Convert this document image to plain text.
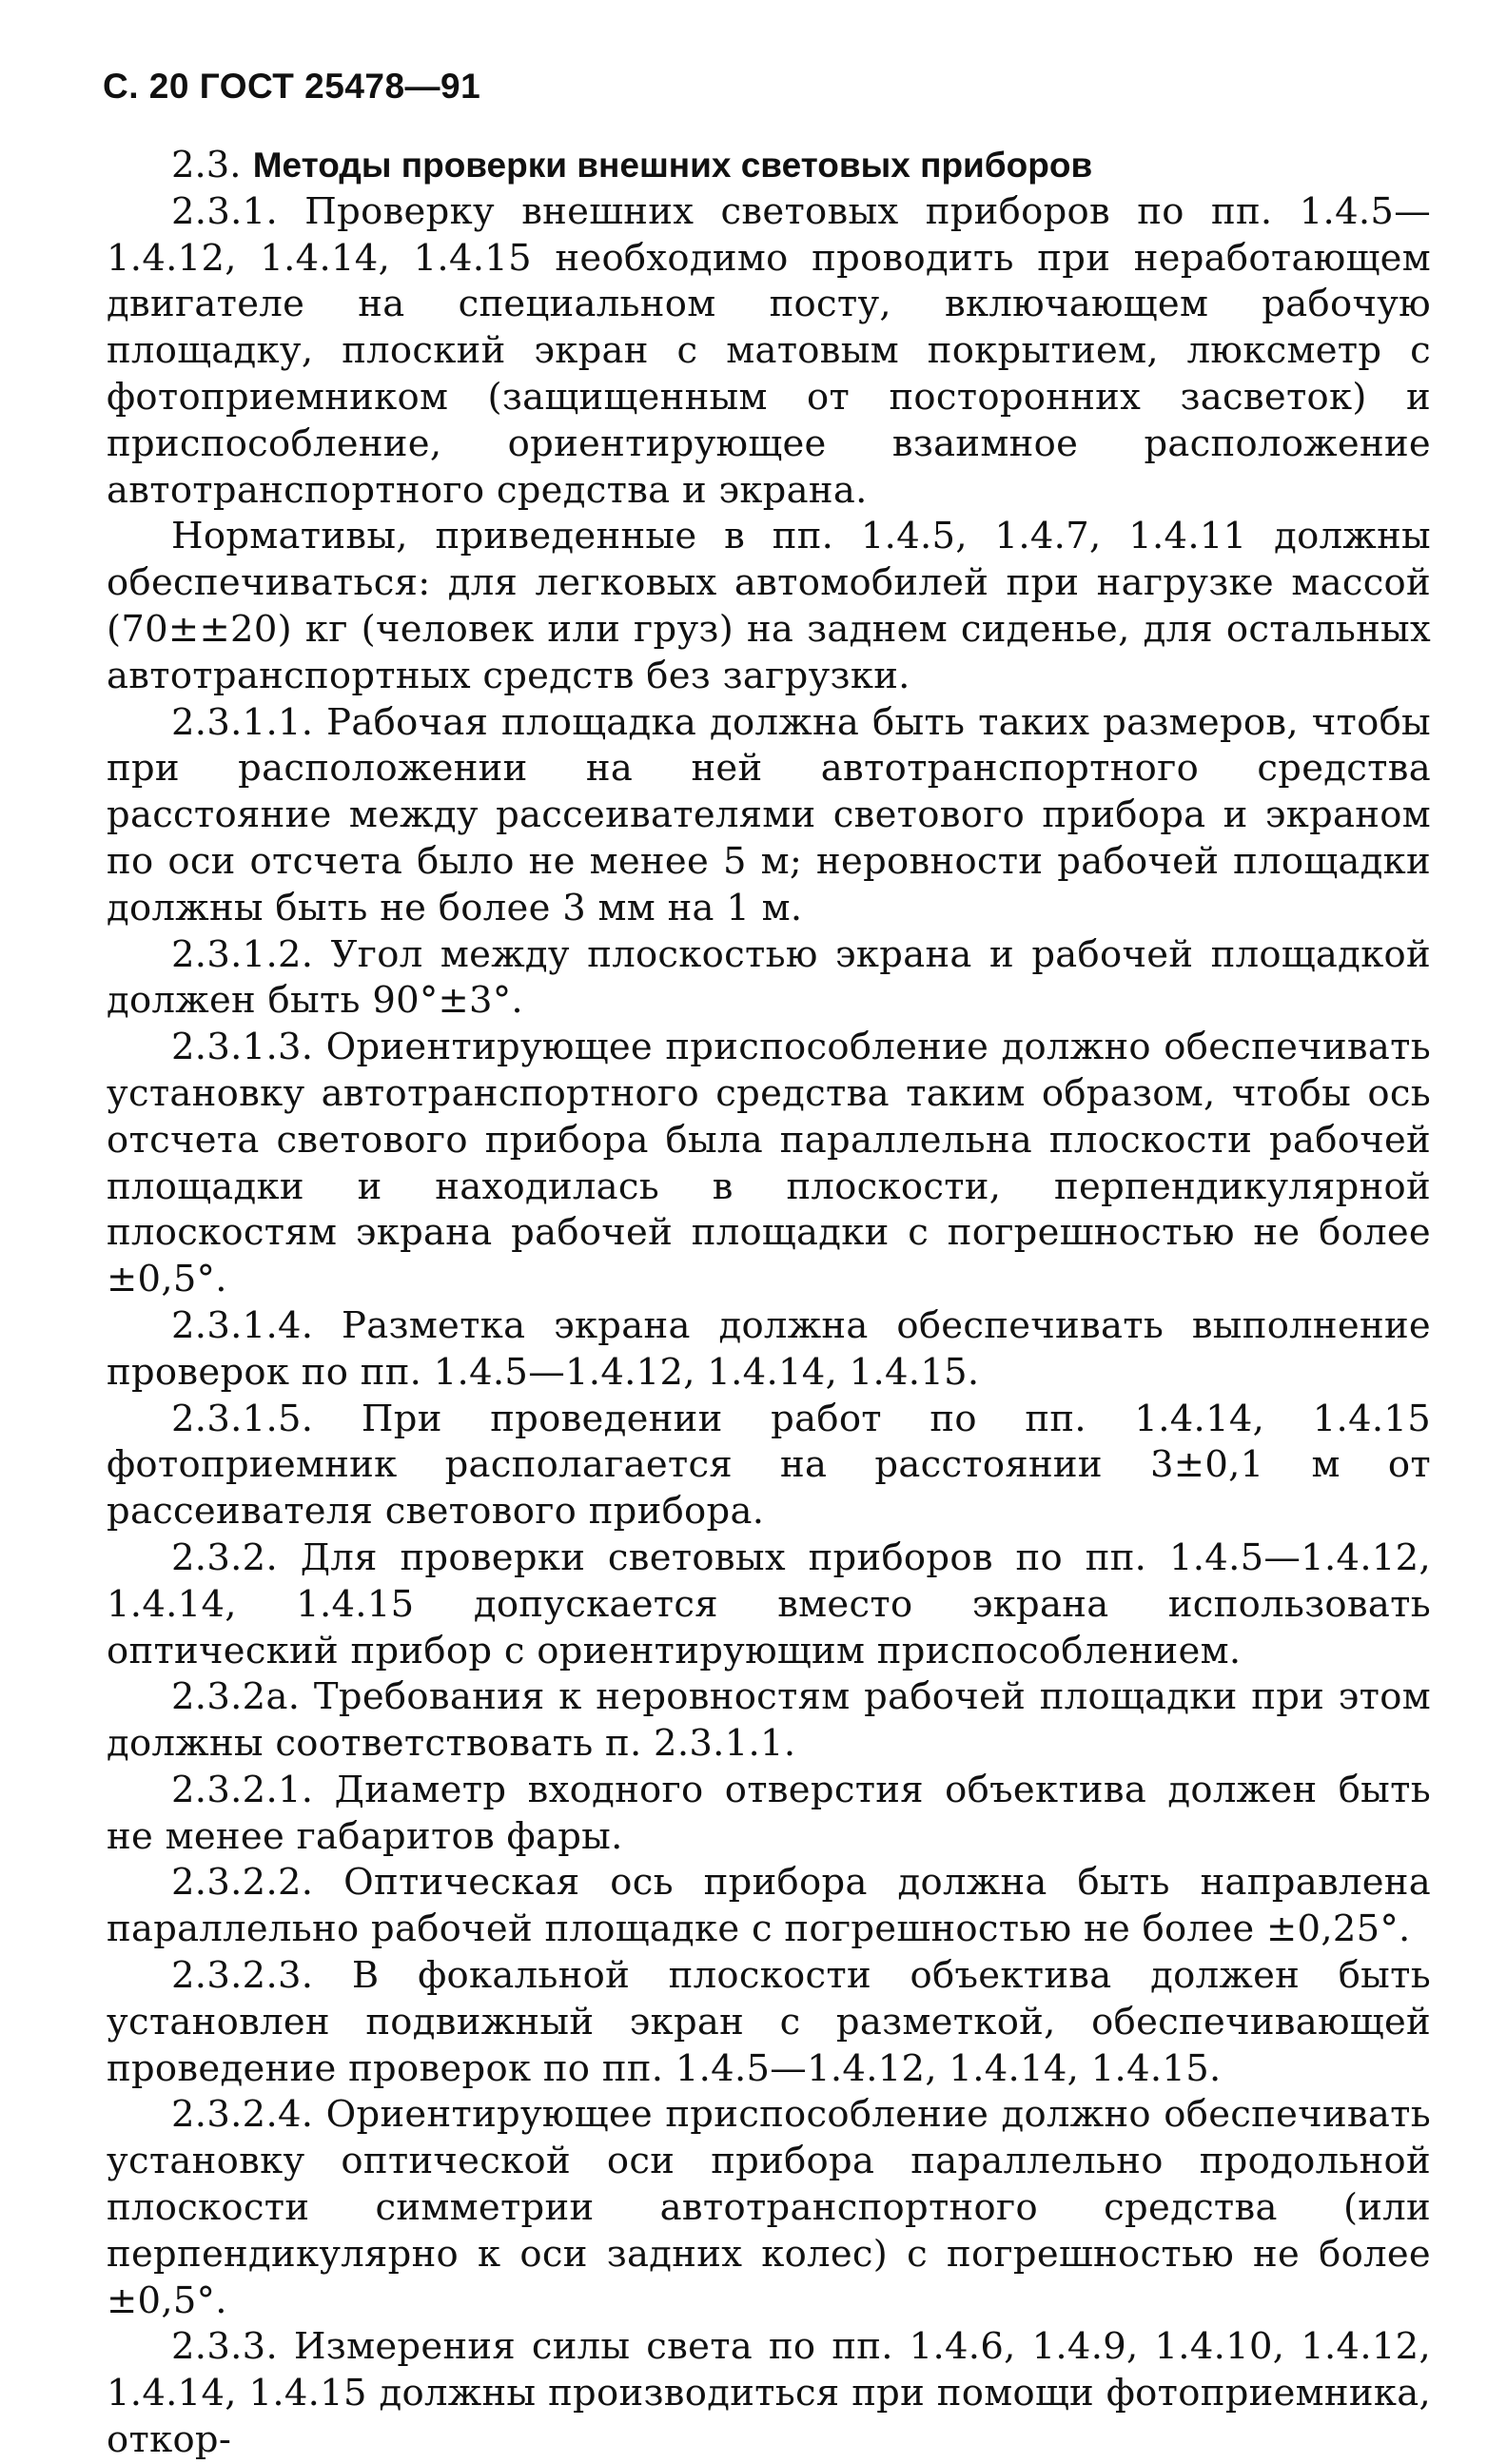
С. 20 ГОСТ 25478—91

2.3. Методы проверки внешних световых приборов

2.3.1. Проверку внешних световых приборов по пп. 1.4.5—1.4.12, 1.4.14, 1.4.15 необходимо проводить при неработающем двигателе на специальном посту, включающем рабочую площадку, плоский экран с матовым покрытием, люксметр с фотоприемником (защищенным от посторонних засветок) и приспособление, ориентирующее взаимное расположение автотранспортного средства и экрана.

Нормативы, приведенные в пп. 1.4.5, 1.4.7, 1.4.11 должны обеспечиваться: для легковых автомобилей при нагрузке массой (70±±20) кг (человек или груз) на заднем сиденье, для остальных автотранспортных средств без загрузки.

2.3.1.1. Рабочая площадка должна быть таких размеров, чтобы при расположении на ней автотранспортного средства расстояние между рассеивателями светового прибора и экраном по оси отсчета было не менее 5 м; неровности рабочей площадки должны быть не более 3 мм на 1 м.

2.3.1.2. Угол между плоскостью экрана и рабочей площадкой должен быть 90°±3°.

2.3.1.3. Ориентирующее приспособление должно обеспечивать установку автотранспортного средства таким образом, чтобы ось отсчета светового прибора была параллельна плоскости рабочей площадки и находилась в плоскости, перпендикулярной плоскостям экрана рабочей площадки с погрешностью не более ±0,5°.

2.3.1.4. Разметка экрана должна обеспечивать выполнение проверок по пп. 1.4.5—1.4.12, 1.4.14, 1.4.15.

2.3.1.5. При проведении работ по пп. 1.4.14, 1.4.15 фотоприемник располагается на расстоянии 3±0,1 м от рассеивателя светового прибора.

2.3.2. Для проверки световых приборов по пп. 1.4.5—1.4.12, 1.4.14, 1.4.15 допускается вместо экрана использовать оптический прибор с ориентирующим приспособлением.

2.3.2а. Требования к неровностям рабочей площадки при этом должны соответствовать п. 2.3.1.1.

2.3.2.1. Диаметр входного отверстия объектива должен быть не менее габаритов фары.

2.3.2.2. Оптическая ось прибора должна быть направлена параллельно рабочей площадке с погрешностью не более ±0,25°.

2.3.2.3. В фокальной плоскости объектива должен быть установлен подвижный экран с разметкой, обеспечивающей проведение проверок по пп. 1.4.5—1.4.12, 1.4.14, 1.4.15.

2.3.2.4. Ориентирующее приспособление должно обеспечивать установку оптической оси прибора параллельно продольной плоскости симметрии автотранспортного средства (или перпендикулярно к оси задних колес) с погрешностью не более ±0,5°.

2.3.3. Измерения силы света по пп. 1.4.6, 1.4.9, 1.4.10, 1.4.12, 1.4.14, 1.4.15 должны производиться при помощи фотоприемника, откор-
